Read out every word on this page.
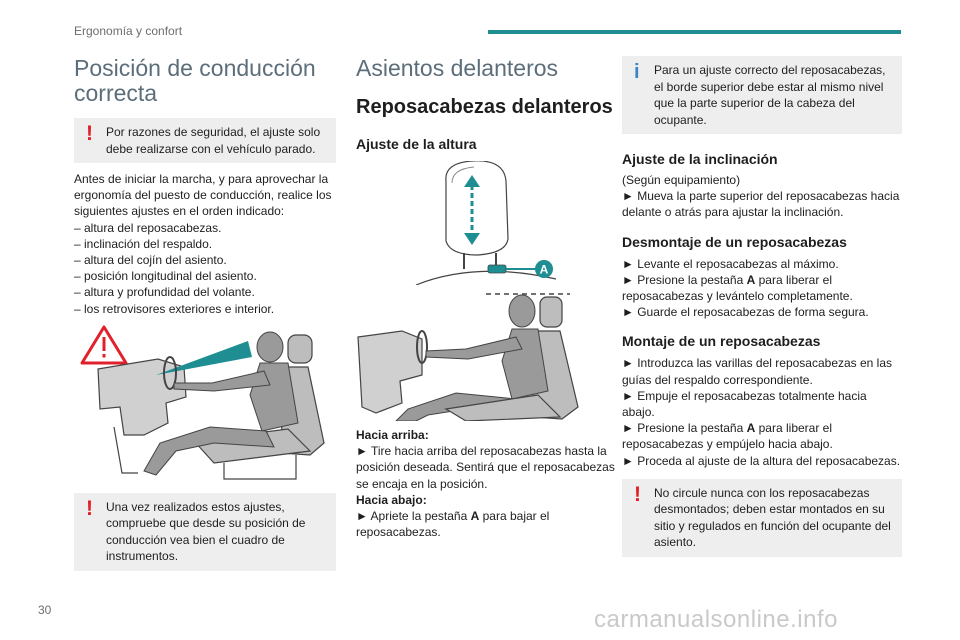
Ergonomía y confort
Posición de conducción correcta
! Por razones de seguridad, el ajuste solo debe realizarse con el vehículo parado.
Antes de iniciar la marcha, y para aprovechar la ergonomía del puesto de conducción, realice los siguientes ajustes en el orden indicado:
– altura del reposacabezas.
– inclinación del respaldo.
– altura del cojín del asiento.
– posición longitudinal del asiento.
– altura y profundidad del volante.
– los retrovisores exteriores e interior.
! Una vez realizados estos ajustes, compruebe que desde su posición de conducción vea bien el cuadro de instrumentos.
Asientos delanteros
Reposacabezas delanteros
Ajuste de la altura
A
Hacia arriba:
► Tire hacia arriba del reposacabezas hasta la posición deseada. Sentirá que el reposacabezas se encaja en la posición.
Hacia abajo:
► Apriete la pestaña A para bajar el reposacabezas.
i Para un ajuste correcto del reposacabezas, el borde superior debe estar al mismo nivel que la parte superior de la cabeza del ocupante.
Ajuste de la inclinación
(Según equipamiento)
► Mueva la parte superior del reposacabezas hacia delante o atrás para ajustar la inclinación.
Desmontaje de un reposacabezas
► Levante el reposacabezas al máximo.
► Presione la pestaña A para liberar el reposacabezas y levántelo completamente.
► Guarde el reposacabezas de forma segura.
Montaje de un reposacabezas
► Introduzca las varillas del reposacabezas en las guías del respaldo correspondiente.
► Empuje el reposacabezas totalmente hacia abajo.
► Presione la pestaña A para liberar el reposacabezas y empújelo hacia abajo.
► Proceda al ajuste de la altura del reposacabezas.
! No circule nunca con los reposacabezas desmontados; deben estar montados en su sitio y regulados en función del ocupante del asiento.
30	carmanualsonline.info
